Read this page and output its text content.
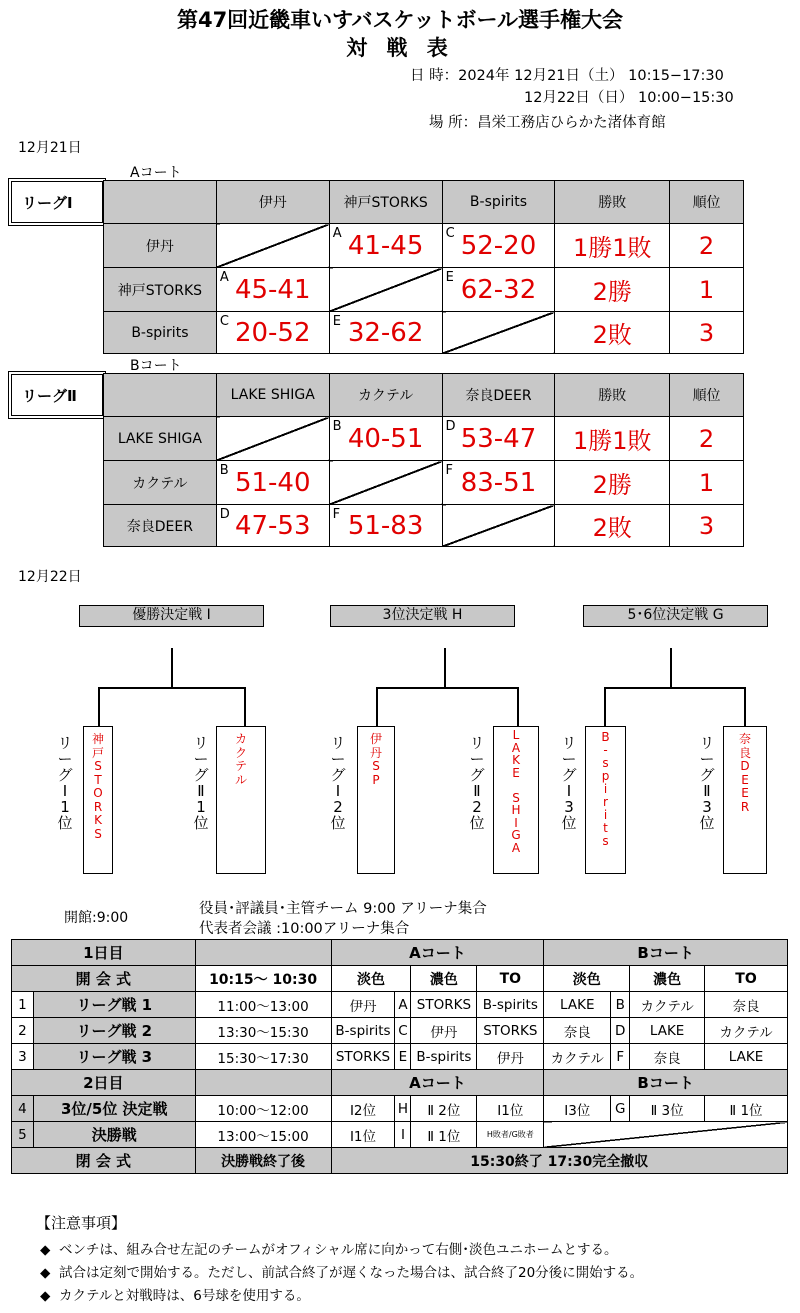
第47回近畿車いすバスケットボール選手権大会
対 戦 表
日 時：2024年 12月21日（土） 10:15−17:30
12月22日（日） 10:00−15:30
場 所：昌栄工務店ひらかた渚体育館
12月21日
Aコート
リーグⅠ
		伊丹	神戸STORKS	B-spirits	勝敗	順位
伊丹		A 41-45	C 52-20	1勝1敗	2
神戸STORKS	A 45-41		E 62-32	2勝	1
B-spirits	C 20-52	E 32-62		2敗	3
Bコート
リーグⅡ
		LAKE SHIGA	カクテル	奈良DEER	勝敗	順位
LAKE SHIGA		B 40-51	D 53-47	1勝1敗	2
カクテル	B 51-40		F 83-51	2勝	1
奈良DEER	D 47-53	F 51-83		2敗	3
12月22日
優勝決定戦 I
リ
ー
グ
Ⅰ
1
位
神
戸
S
T
O
R
K
S
リ
ー
グ
Ⅱ
1
位
カ
ク
テ
ル
3位決定戦 H
リ
ー
グ
Ⅰ
2
位
伊
丹
S
P
リ
ー
グ
Ⅱ
2
位
L
A
K
E

S
H
I
G
A
5･6位決定戦 G
リ
ー
グ
Ⅰ
3
位
B
-
s
p
i
r
i
t
s
リ
ー
グ
Ⅱ
3
位
奈
良
D
E
E
R
開館:9:00
役員･評議員･主管チーム 9:00 アリーナ集合
代表者会議 :10:00アリーナ集合
1日目			Aコート				Bコート			
開 会 式		10:15〜 10:30	淡色		濃色	TO	淡色		濃色	TO
1	リーグ戦 1	11:00〜13:00	伊丹	A	STORKS	B-spirits	LAKE	B	カクテル	奈良
2	リーグ戦 2	13:30〜15:30	B-spirits	C	伊丹	STORKS	奈良	D	LAKE	カクテル
3	リーグ戦 3	15:30〜17:30	STORKS	E	B-spirits	伊丹	カクテル	F	奈良	LAKE
2日目			Aコート				Bコート			
4	3位/5位 決定戦	10:00〜12:00	Ⅰ2位	H	Ⅱ 2位	Ⅰ1位	Ⅰ3位	G	Ⅱ 3位	Ⅱ 1位
5	決勝戦	13:00〜15:00	Ⅰ1位	I	Ⅱ 1位	H敗者/G敗者				
閉 会 式		決勝戦終了後	15:30終了 17:30完全撤収							
【注意事項】
◆ ベンチは、組み合せ左記のチームがオフィシャル席に向かって右側･淡色ユニホームとする。
◆ 試合は定刻で開始する。ただし、前試合終了が遅くなった場合は、試合終了20分後に開始する。
◆ カクテルと対戦時は、6号球を使用する。
